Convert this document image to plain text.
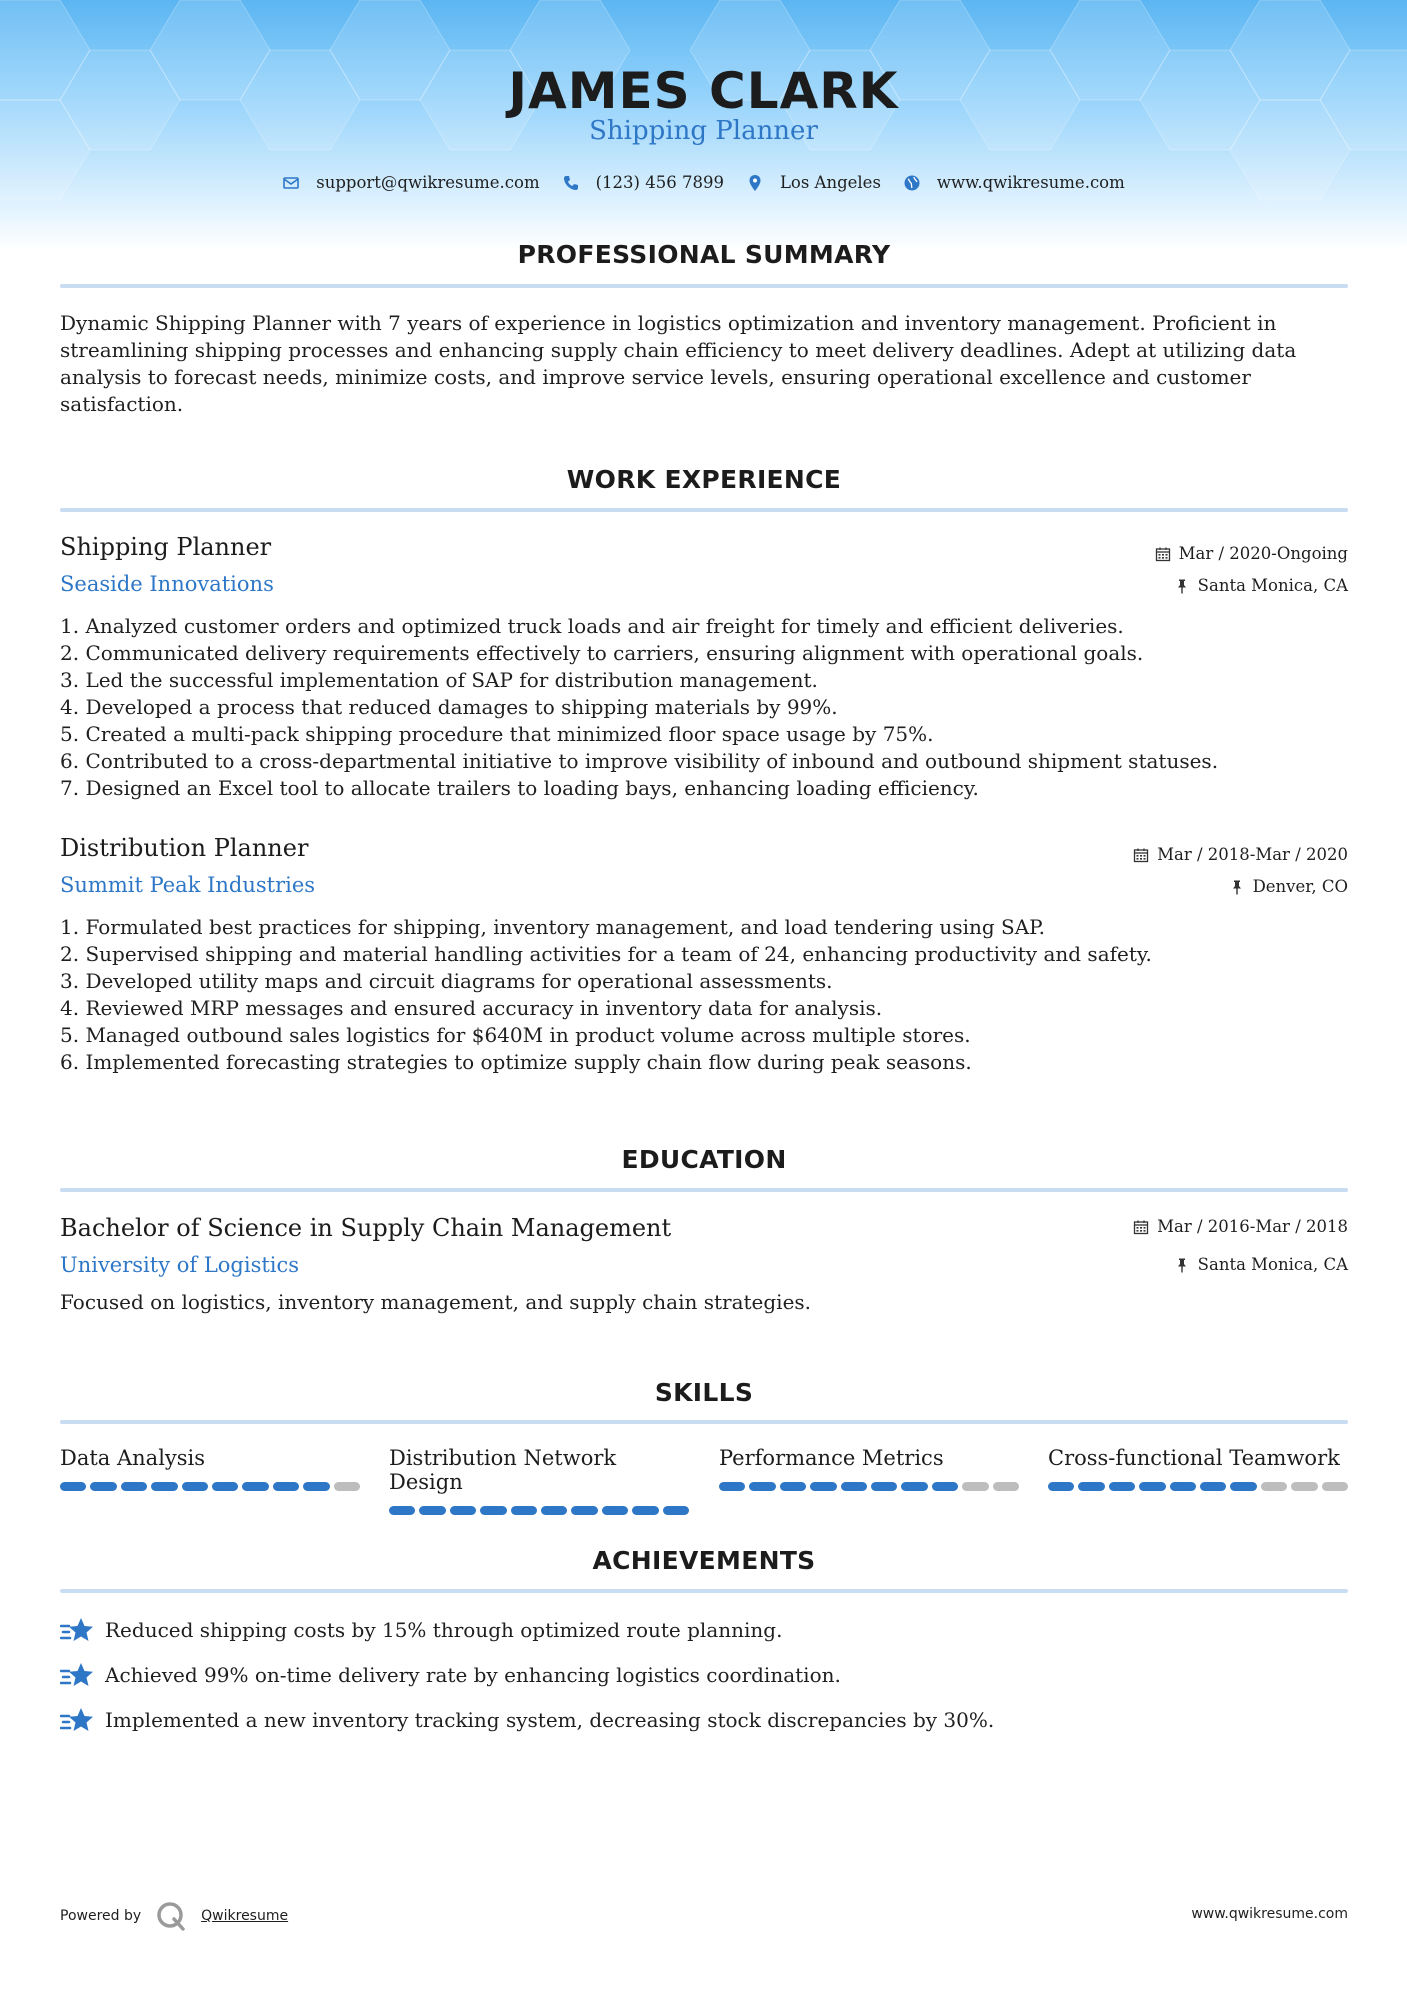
JAMES CLARK
Shipping Planner
support@qwikresume.com	(123) 456 7899	Los Angeles	www.qwikresume.com
PROFESSIONAL SUMMARY

Dynamic Shipping Planner with 7 years of experience in logistics optimization and inventory management. Proficient in streamlining shipping processes and enhancing supply chain efficiency to meet delivery deadlines. Adept at utilizing data analysis to forecast needs, minimize costs, and improve service levels, ensuring operational excellence and customer satisfaction.

WORK EXPERIENCE
Shipping Planner	Mar / 2020-Ongoing
Seaside Innovations	Santa Monica, CA
1. Analyzed customer orders and optimized truck loads and air freight for timely and efficient deliveries.
2. Communicated delivery requirements effectively to carriers, ensuring alignment with operational goals.
3. Led the successful implementation of SAP for distribution management.
4. Developed a process that reduced damages to shipping materials by 99%.
5. Created a multi-pack shipping procedure that minimized floor space usage by 75%.
6. Contributed to a cross-departmental initiative to improve visibility of inbound and outbound shipment statuses.
7. Designed an Excel tool to allocate trailers to loading bays, enhancing loading efficiency.
Distribution Planner	Mar / 2018-Mar / 2020
Summit Peak Industries	Denver, CO
1. Formulated best practices for shipping, inventory management, and load tendering using SAP.
2. Supervised shipping and material handling activities for a team of 24, enhancing productivity and safety.
3. Developed utility maps and circuit diagrams for operational assessments.
4. Reviewed MRP messages and ensured accuracy in inventory data for analysis.
5. Managed outbound sales logistics for $640M in product volume across multiple stores.
6. Implemented forecasting strategies to optimize supply chain flow during peak seasons.
EDUCATION
Bachelor of Science in Supply Chain Management	Mar / 2016-Mar / 2018
University of Logistics	Santa Monica, CA
Focused on logistics, inventory management, and supply chain strategies.
SKILLS
Data Analysis	Distribution Network Design
Performance Metrics	Cross-functional Teamwork
ACHIEVEMENTS
Reduced shipping costs by 15% through optimized route planning.
Achieved 99% on-time delivery rate by enhancing logistics coordination.
Implemented a new inventory tracking system, decreasing stock discrepancies by 30%.
Powered by	Qwikresume	www.qwikresume.com
